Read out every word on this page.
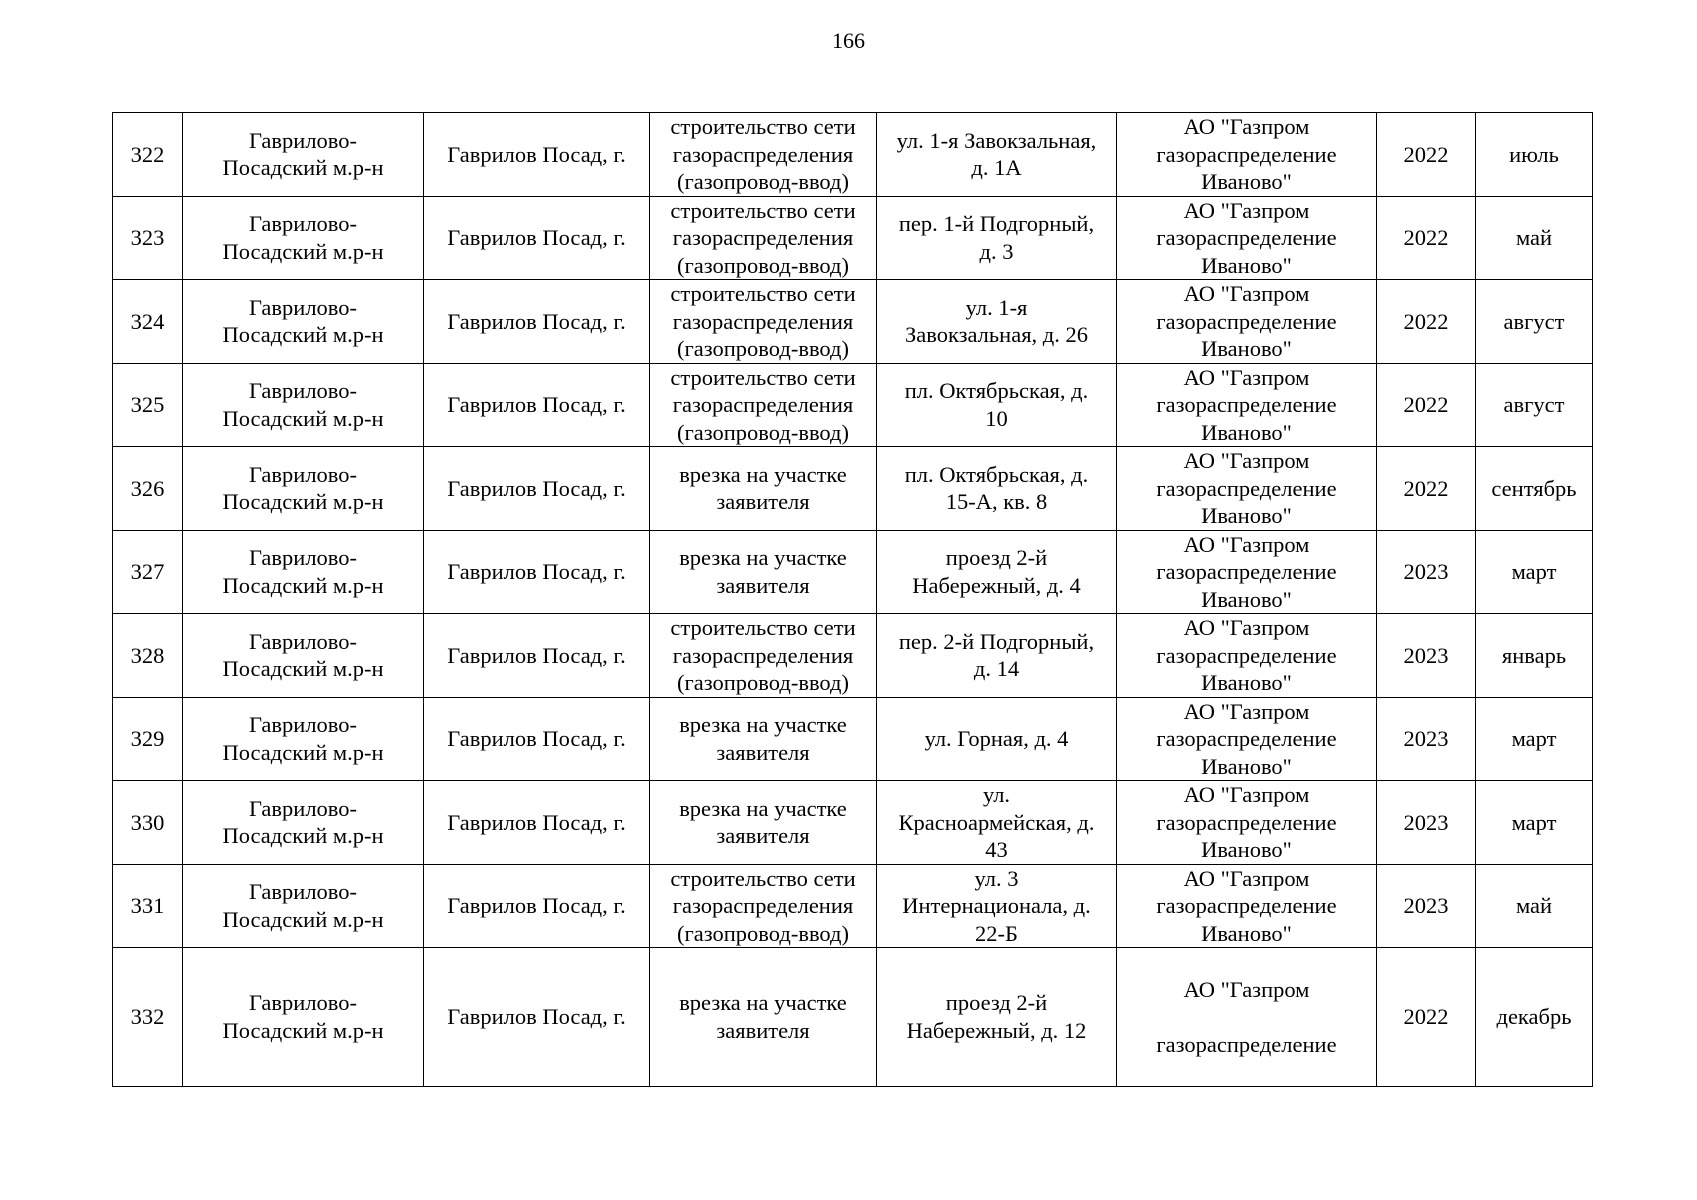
166
322	Гаврилово-
Посадский м.р-н	Гаврилов Посад, г.	строительство сети
газораспределения
(газопровод-ввод)	ул. 1-я Завокзальная,
д. 1А	АО "Газпром
газораспределение
Иваново"	2022	июль
323	Гаврилово-
Посадский м.р-н	Гаврилов Посад, г.	строительство сети
газораспределения
(газопровод-ввод)	пер. 1-й Подгорный,
д. 3	АО "Газпром
газораспределение
Иваново"	2022	май
324	Гаврилово-
Посадский м.р-н	Гаврилов Посад, г.	строительство сети
газораспределения
(газопровод-ввод)	ул. 1-я
Завокзальная, д. 26	АО "Газпром
газораспределение
Иваново"	2022	август
325	Гаврилово-
Посадский м.р-н	Гаврилов Посад, г.	строительство сети
газораспределения
(газопровод-ввод)	пл. Октябрьская, д.
10	АО "Газпром
газораспределение
Иваново"	2022	август
326	Гаврилово-
Посадский м.р-н	Гаврилов Посад, г.	врезка на участке
заявителя	пл. Октябрьская, д.
15-А, кв. 8	АО "Газпром
газораспределение
Иваново"	2022	сентябрь
327	Гаврилово-
Посадский м.р-н	Гаврилов Посад, г.	врезка на участке
заявителя	проезд 2-й
Набережный, д. 4	АО "Газпром
газораспределение
Иваново"	2023	март
328	Гаврилово-
Посадский м.р-н	Гаврилов Посад, г.	строительство сети
газораспределения
(газопровод-ввод)	пер. 2-й Подгорный,
д. 14	АО "Газпром
газораспределение
Иваново"	2023	январь
329	Гаврилово-
Посадский м.р-н	Гаврилов Посад, г.	врезка на участке
заявителя	ул. Горная, д. 4	АО "Газпром
газораспределение
Иваново"	2023	март
330	Гаврилово-
Посадский м.р-н	Гаврилов Посад, г.	врезка на участке
заявителя	ул.
Красноармейская, д.
43	АО "Газпром
газораспределение
Иваново"	2023	март
331	Гаврилово-
Посадский м.р-н	Гаврилов Посад, г.	строительство сети
газораспределения
(газопровод-ввод)	ул. 3
Интернационала, д.
22-Б	АО "Газпром
газораспределение
Иваново"	2023	май
332	Гаврилово-
Посадский м.р-н	Гаврилов Посад, г.	врезка на участке
заявителя	проезд 2-й
Набережный, д. 12	АО "Газпром

газораспределение	2022	декабрь
